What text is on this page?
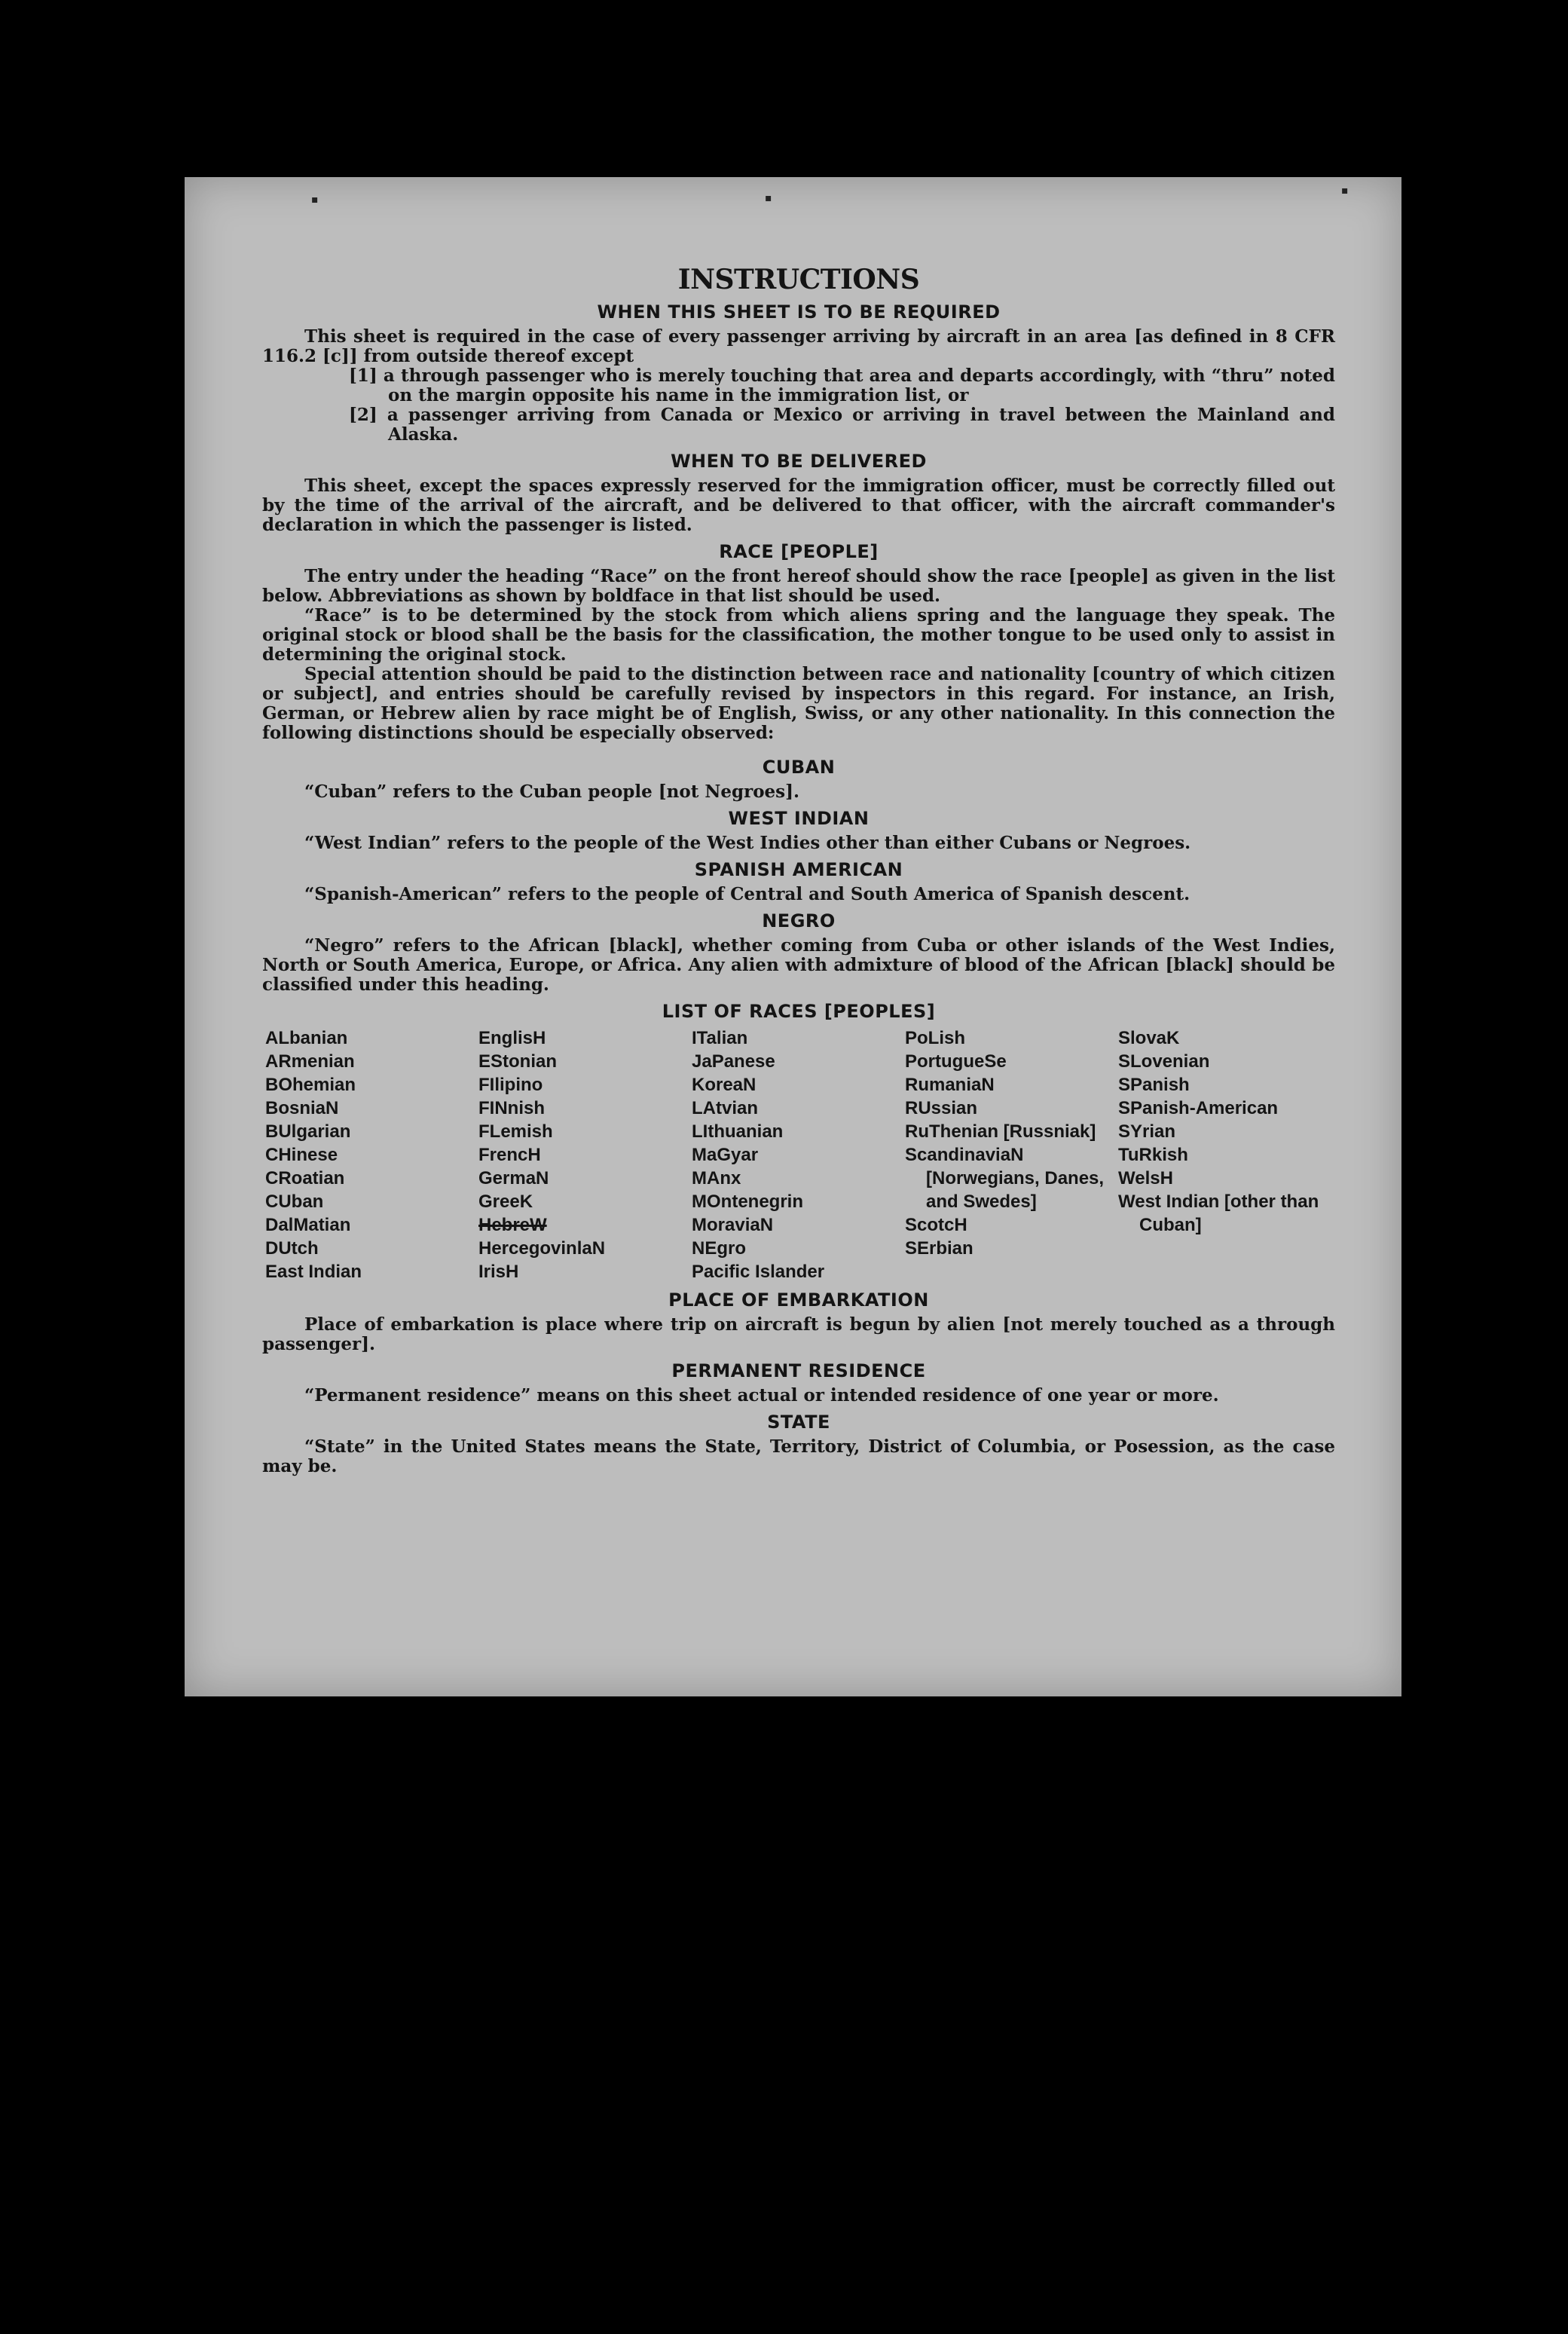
▪	▪
▪
INSTRUCTIONS
WHEN THIS SHEET IS TO BE REQUIRED

This sheet is required in the case of every passenger arriving by aircraft in an area [as defined in 8 CFR 116.2 [c]] from outside thereof except

[1] a through passenger who is merely touching that area and departs accordingly, with “thru” noted on the margin opposite his name in the immigration list, or

[2] a passenger arriving from Canada or Mexico or arriving in travel between the Mainland and Alaska.

WHEN TO BE DELIVERED

This sheet, except the spaces expressly reserved for the immigration officer, must be correctly filled out by the time of the arrival of the aircraft, and be delivered to that officer, with the aircraft commander's declaration in which the passenger is listed.

RACE [PEOPLE]

The entry under the heading “Race” on the front hereof should show the race [people] as given in the list below. Abbreviations as shown by boldface in that list should be used.

“Race” is to be determined by the stock from which aliens spring and the language they speak. The original stock or blood shall be the basis for the classification, the mother tongue to be used only to assist in determining the original stock.

Special attention should be paid to the distinction between race and nationality [country of which citizen or subject], and entries should be carefully revised by inspectors in this regard. For instance, an Irish, German, or Hebrew alien by race might be of English, Swiss, or any other nationality. In this connection the following distinctions should be especially observed:

CUBAN

“Cuban” refers to the Cuban people [not Negroes].

WEST INDIAN

“West Indian” refers to the people of the West Indies other than either Cubans or Negroes.

SPANISH AMERICAN

“Spanish-American” refers to the people of Central and South America of Spanish descent.

NEGRO

“Negro” refers to the African [black], whether coming from Cuba or other islands of the West Indies, North or South America, Europe, or Africa. Any alien with admixture of blood of the African [black] should be classified under this heading.

LIST OF RACES [PEOPLES]
ALbanian
ARmenian
BOhemian
BosniaN
BUlgarian
CHinese
CRoatian
CUban
DalMatian
DUtch
East Indian
EnglisH
EStonian
FIlipino
FINnish
FLemish
FrencH
GermaN
GreeK
HebreW
HercegovinlaN
IrisH
ITalian
JaPanese
KoreaN
LAtvian
LIthuanian
MaGyar
MAnx
MOntenegrin
MoraviaN
NEgro
Pacific Islander
PoLish
PortugueSe
RumaniaN
RUssian
RuThenian [Russniak]
ScandinaviaN [Norwegians, Danes, and Swedes]
ScotcH
SErbian
SlovaK
SLovenian
SPanish
SPanish-American
SYrian
TuRkish
WelsH
West Indian [other than Cuban]
PLACE OF EMBARKATION

Place of embarkation is place where trip on aircraft is begun by alien [not merely touched as a through passenger].

PERMANENT RESIDENCE

“Permanent residence” means on this sheet actual or intended residence of one year or more.

STATE

“State” in the United States means the State, Territory, District of Columbia, or Posession, as the case may be.
